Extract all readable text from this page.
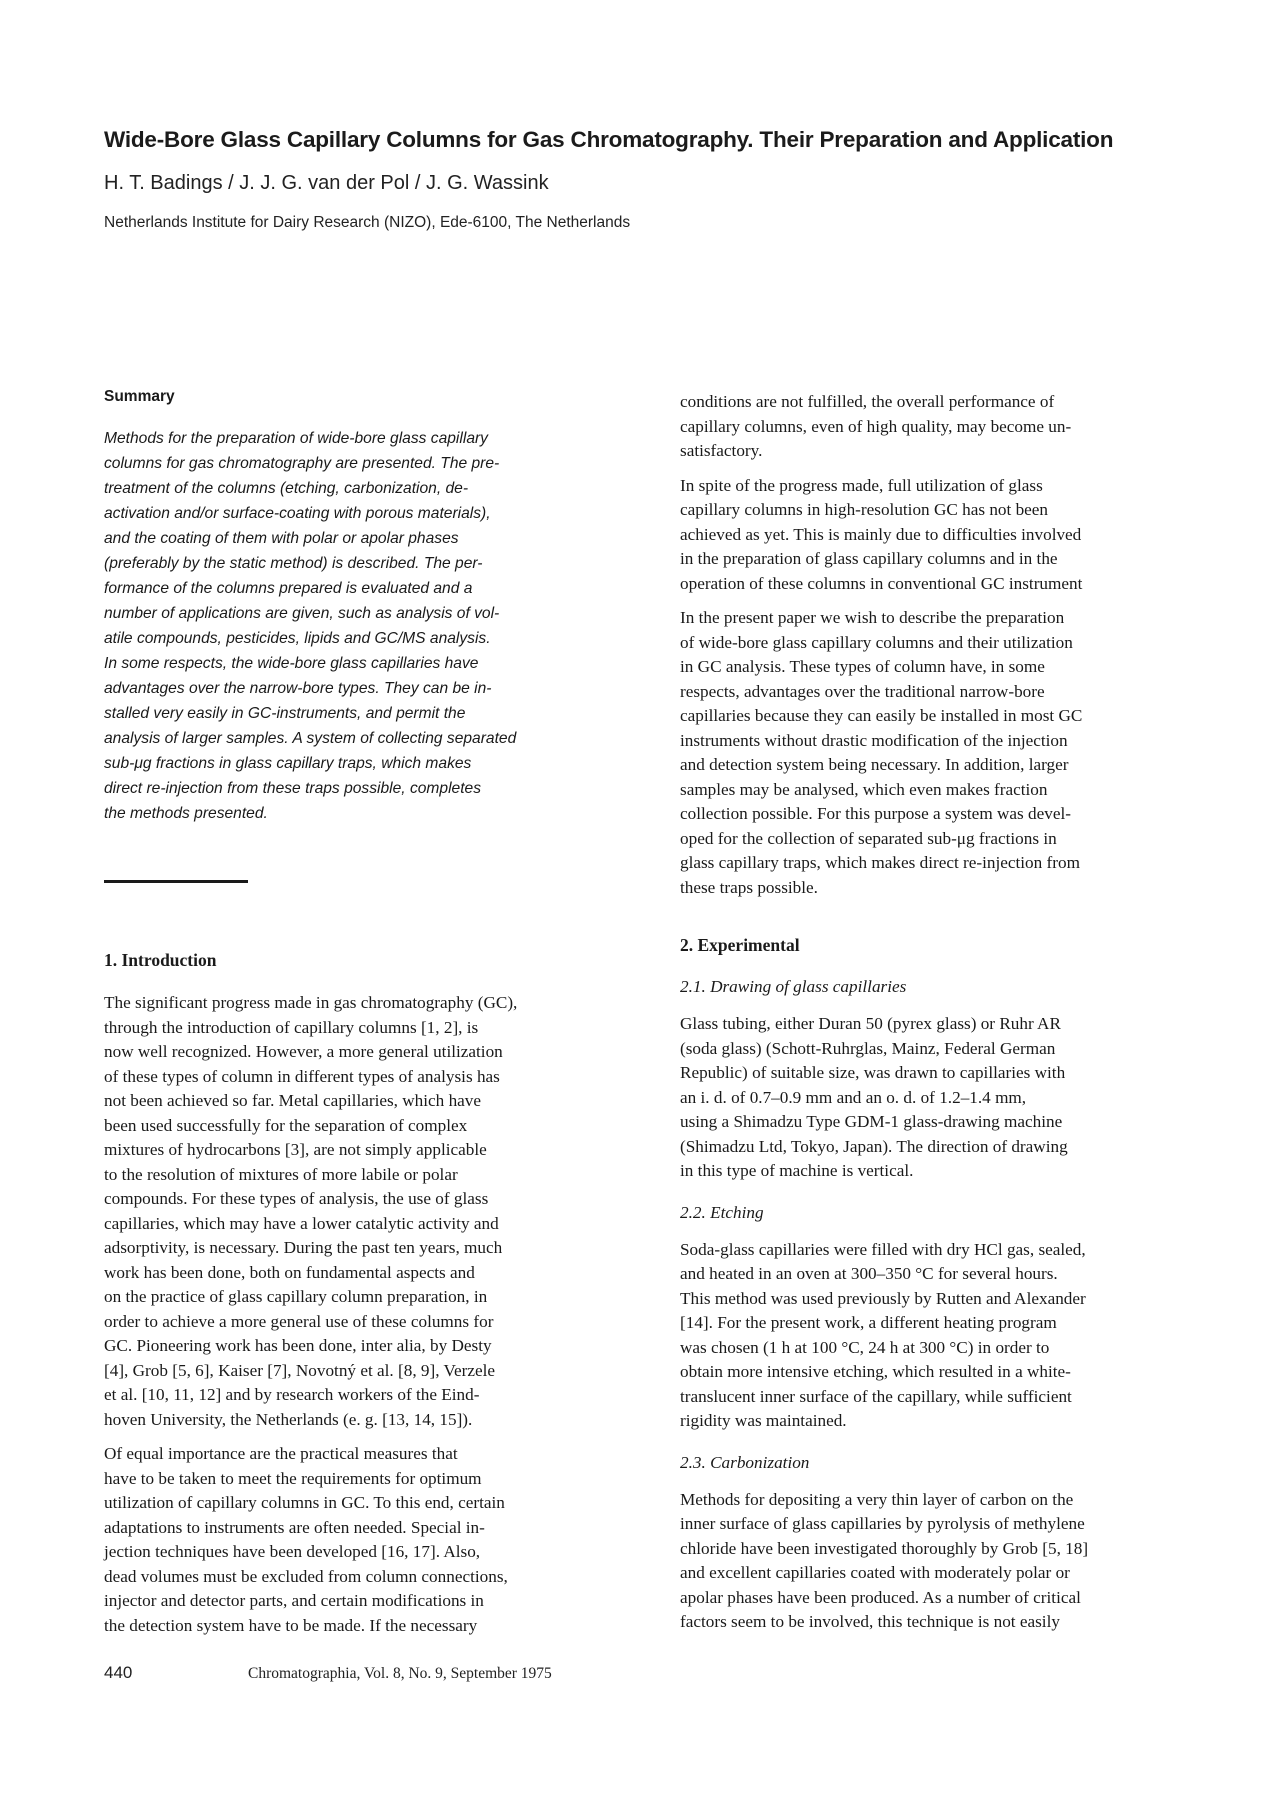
Wide-Bore Glass Capillary Columns for Gas Chromatography. Their Preparation and Application
H. T. Badings / J. J. G. van der Pol / J. G. Wassink
Netherlands Institute for Dairy Research (NIZO), Ede-6100, The Netherlands
Summary
Methods for the preparation of wide-bore glass capillary
columns for gas chromatography are presented. The pre-
treatment of the columns (etching, carbonization, de-
activation and/or surface-coating with porous materials),
and the coating of them with polar or apolar phases
(preferably by the static method) is described. The per-
formance of the columns prepared is evaluated and a
number of applications are given, such as analysis of vol-
atile compounds, pesticides, lipids and GC/MS analysis.
In some respects, the wide-bore glass capillaries have
advantages over the narrow-bore types. They can be in-
stalled very easily in GC-instruments, and permit the
analysis of larger samples. A system of collecting separated
sub-μg fractions in glass capillary traps, which makes
direct re-injection from these traps possible, completes
the methods presented.
1. Introduction
The significant progress made in gas chromatography (GC),
through the introduction of capillary columns [1, 2], is
now well recognized. However, a more general utilization
of these types of column in different types of analysis has
not been achieved so far. Metal capillaries, which have
been used successfully for the separation of complex
mixtures of hydrocarbons [3], are not simply applicable
to the resolution of mixtures of more labile or polar
compounds. For these types of analysis, the use of glass
capillaries, which may have a lower catalytic activity and
adsorptivity, is necessary. During the past ten years, much
work has been done, both on fundamental aspects and
on the practice of glass capillary column preparation, in
order to achieve a more general use of these columns for
GC. Pioneering work has been done, inter alia, by Desty
[4], Grob [5, 6], Kaiser [7], Novotný et al. [8, 9], Verzele
et al. [10, 11, 12] and by research workers of the Eind-
hoven University, the Netherlands (e. g. [13, 14, 15]).
Of equal importance are the practical measures that
have to be taken to meet the requirements for optimum
utilization of capillary columns in GC. To this end, certain
adaptations to instruments are often needed. Special in-
jection techniques have been developed [16, 17]. Also,
dead volumes must be excluded from column connections,
injector and detector parts, and certain modifications in
the detection system have to be made. If the necessary
conditions are not fulfilled, the overall performance of
capillary columns, even of high quality, may become un-
satisfactory.
In spite of the progress made, full utilization of glass
capillary columns in high-resolution GC has not been
achieved as yet. This is mainly due to difficulties involved
in the preparation of glass capillary columns and in the
operation of these columns in conventional GC instrument
In the present paper we wish to describe the preparation
of wide-bore glass capillary columns and their utilization
in GC analysis. These types of column have, in some
respects, advantages over the traditional narrow-bore
capillaries because they can easily be installed in most GC
instruments without drastic modification of the injection
and detection system being necessary. In addition, larger
samples may be analysed, which even makes fraction
collection possible. For this purpose a system was devel-
oped for the collection of separated sub-μg fractions in
glass capillary traps, which makes direct re-injection from
these traps possible.
2. Experimental
2.1. Drawing of glass capillaries
Glass tubing, either Duran 50 (pyrex glass) or Ruhr AR
(soda glass) (Schott-Ruhrglas, Mainz, Federal German
Republic) of suitable size, was drawn to capillaries with
an i. d. of 0.7–0.9 mm and an o. d. of 1.2–1.4 mm,
using a Shimadzu Type GDM-1 glass-drawing machine
(Shimadzu Ltd, Tokyo, Japan). The direction of drawing
in this type of machine is vertical.
2.2. Etching
Soda-glass capillaries were filled with dry HCl gas, sealed,
and heated in an oven at 300–350 °C for several hours.
This method was used previously by Rutten and Alexander
[14]. For the present work, a different heating program
was chosen (1 h at 100 °C, 24 h at 300 °C) in order to
obtain more intensive etching, which resulted in a white-
translucent inner surface of the capillary, while sufficient
rigidity was maintained.
2.3. Carbonization
Methods for depositing a very thin layer of carbon on the
inner surface of glass capillaries by pyrolysis of methylene
chloride have been investigated thoroughly by Grob [5, 18]
and excellent capillaries coated with moderately polar or
apolar phases have been produced. As a number of critical
factors seem to be involved, this technique is not easily
440	Chromatographia, Vol. 8, No. 9, September 1975
